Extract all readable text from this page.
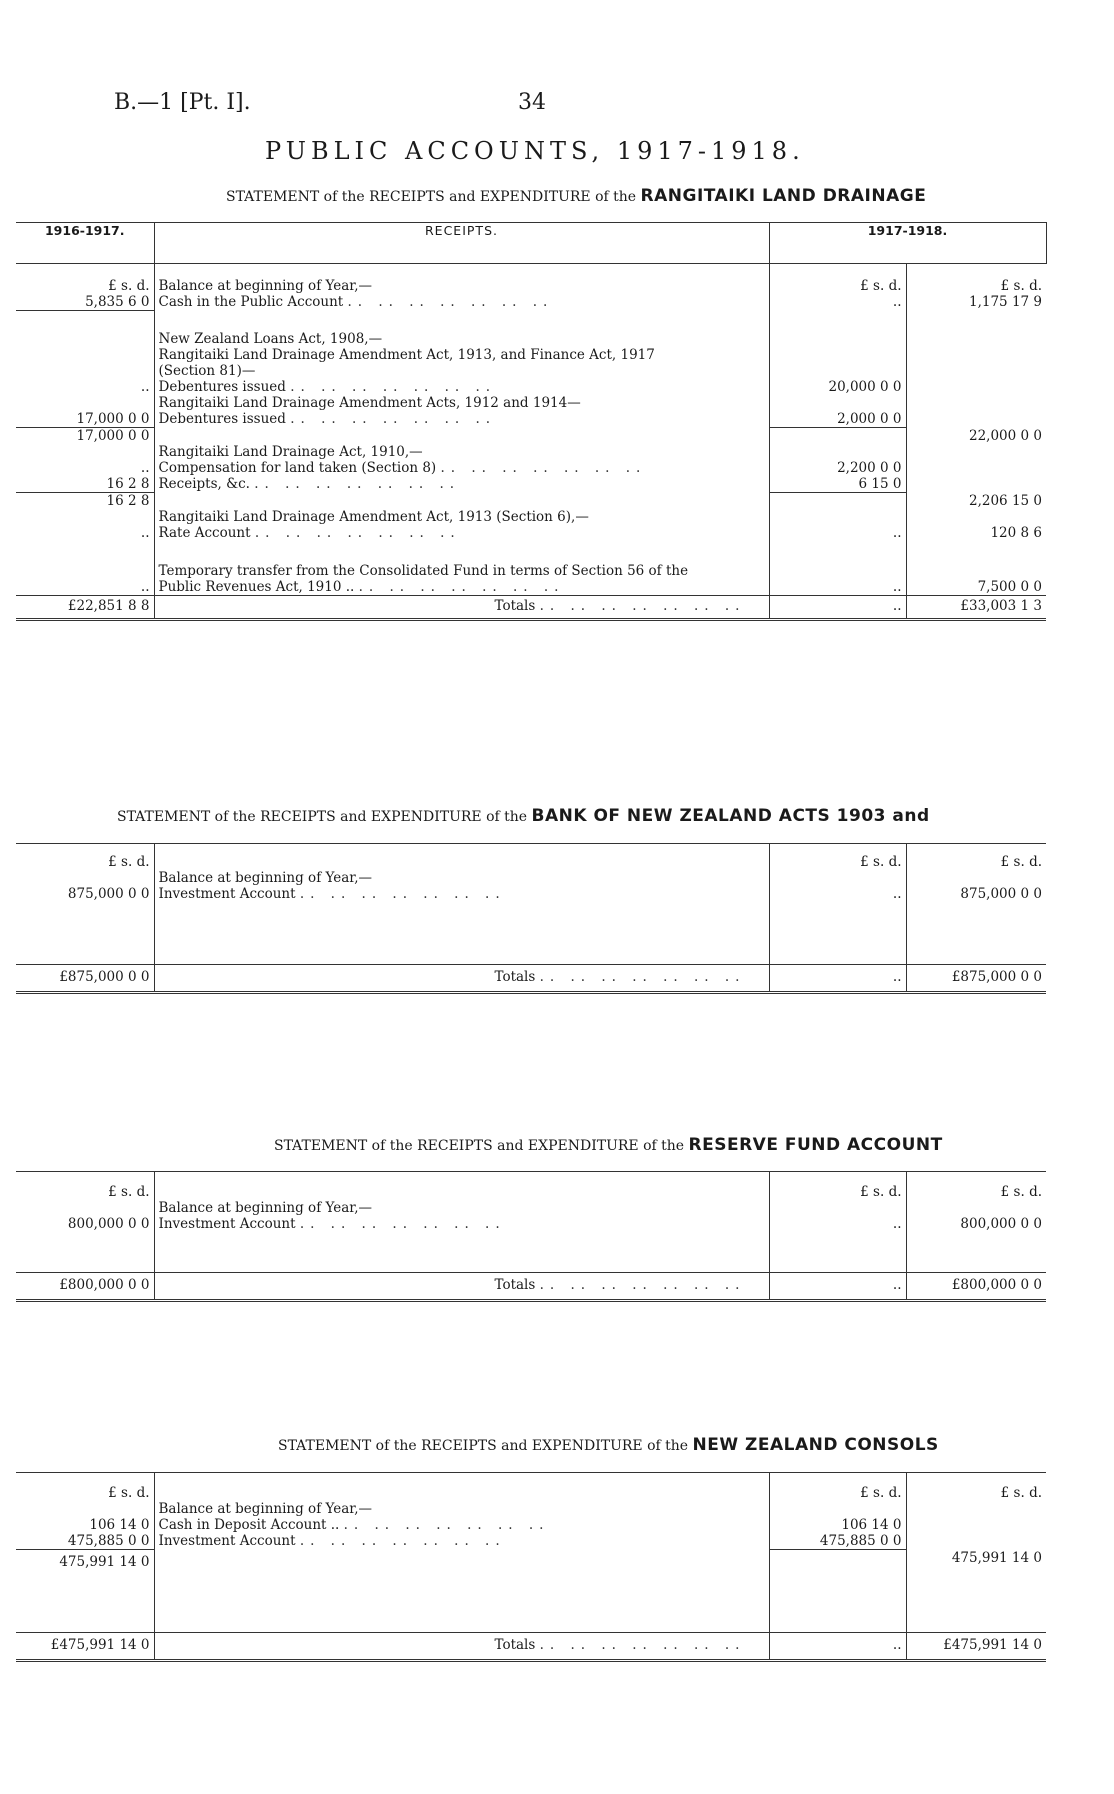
B.—1 [Pt. I].	34
PUBLIC ACCOUNTS, 1917-1918.
STATEMENT of the RECEIPTS and EXPENDITURE of the RANGITAIKI LAND DRAINAGE
1916-1917.	RECEIPTS.	1917-1918.	
£ s. d.	Balance at beginning of Year,—	£ s. d.	£ s. d.
5,835 6 0	Cash in the Public Account .. .. .. .. .. .. ..	..	1,175 17 9

	New Zealand Loans Act, 1908,—		
	Rangitaiki Land Drainage Amendment Act, 1913, and Finance Act, 1917		
	(Section 81)—		
..	Debentures issued .. .. .. .. .. .. ..	20,000 0 0	
	Rangitaiki Land Drainage Amendment Acts, 1912 and 1914—		
17,000 0 0	Debentures issued .. .. .. .. .. .. ..	2,000 0 0	
17,000 0 0			22,000 0 0
	Rangitaiki Land Drainage Act, 1910,—		
..	Compensation for land taken (Section 8) .. .. .. .. .. .. ..	2,200 0 0	
16 2 8	Receipts, &c. .. .. .. .. .. .. ..	6 15 0	
16 2 8			2,206 15 0
	Rangitaiki Land Drainage Amendment Act, 1913 (Section 6),—		
..	Rate Account .. .. .. .. .. .. ..	..	120 8 6

	Temporary transfer from the Consolidated Fund in terms of Section 56 of the		
..	Public Revenues Act, 1910 .. .. .. .. .. .. .. ..	..	7,500 0 0
£22,851 8 8	Totals .. .. .. .. .. .. ..	..	£33,003 1 3
STATEMENT of the RECEIPTS and EXPENDITURE of the BANK OF NEW ZEALAND ACTS 1903 and
£ s. d.		£ s. d.	£ s. d.
	Balance at beginning of Year,—		
875,000 0 0	Investment Account .. .. .. .. .. .. ..	..	875,000 0 0

£875,000 0 0	Totals .. .. .. .. .. .. ..	..	£875,000 0 0
STATEMENT of the RECEIPTS and EXPENDITURE of the RESERVE FUND ACCOUNT
£ s. d.		£ s. d.	£ s. d.
	Balance at beginning of Year,—		
800,000 0 0	Investment Account .. .. .. .. .. .. ..	..	800,000 0 0

£800,000 0 0	Totals .. .. .. .. .. .. ..	..	£800,000 0 0
STATEMENT of the RECEIPTS and EXPENDITURE of the NEW ZEALAND CONSOLS
£ s. d.		£ s. d.	£ s. d.
	Balance at beginning of Year,—		
106 14 0	Cash in Deposit Account .. .. .. .. .. .. .. ..	106 14 0	
475,885 0 0	Investment Account .. .. .. .. .. .. ..	475,885 0 0	
475,991 14 0			475,991 14 0

£475,991 14 0	Totals .. .. .. .. .. .. ..	..	£475,991 14 0
